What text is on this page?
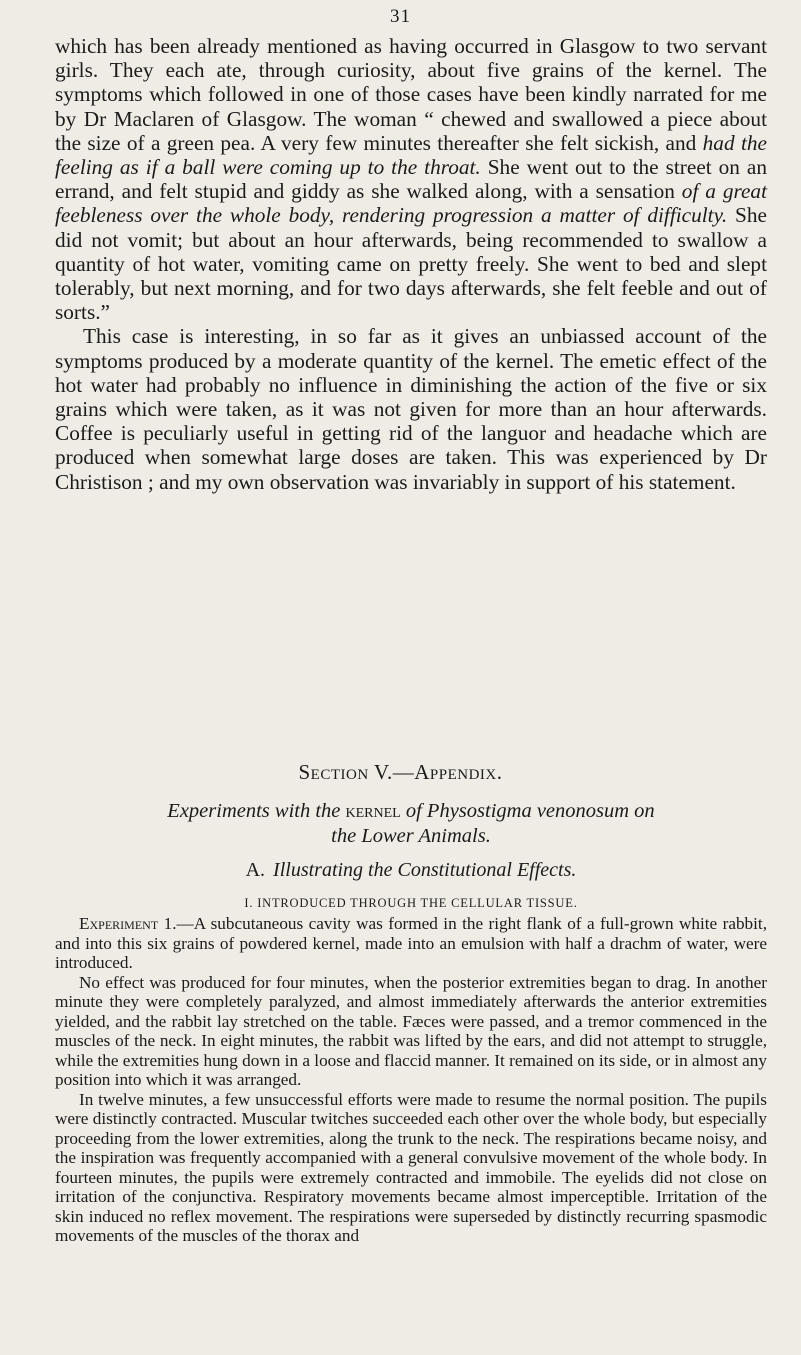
31

which has been already mentioned as having occurred in Glasgow to two servant girls. They each ate, through curiosity, about five grains of the kernel. The symptoms which followed in one of those cases have been kindly narrated for me by Dr Maclaren of Glasgow. The woman “ chewed and swallowed a piece about the size of a green pea. A very few minutes thereafter she felt sickish, and had the feeling as if a ball were coming up to the throat. She went out to the street on an errand, and felt stupid and giddy as she walked along, with a sensation of a great feebleness over the whole body, rendering progression a matter of difficulty. She did not vomit; but about an hour afterwards, being recommended to swallow a quantity of hot water, vomiting came on pretty freely. She went to bed and slept tolerably, but next morning, and for two days afterwards, she felt feeble and out of sorts.”

This case is interesting, in so far as it gives an unbiassed account of the symptoms produced by a moderate quantity of the kernel. The emetic effect of the hot water had probably no influence in diminishing the action of the five or six grains which were taken, as it was not given for more than an hour afterwards. Coffee is peculiarly useful in getting rid of the languor and headache which are produced when somewhat large doses are taken. This was experienced by Dr Christison ; and my own observation was invariably in support of his statement.

Section V.—Appendix.
Experiments with the kernel of Physostigma venonosum on
the Lower Animals.
A. Illustrating the Constitutional Effects.
I. INTRODUCED THROUGH THE CELLULAR TISSUE.

Experiment 1.—A subcutaneous cavity was formed in the right flank of a full-grown white rabbit, and into this six grains of powdered kernel, made into an emulsion with half a drachm of water, were introduced.

No effect was produced for four minutes, when the posterior extremities began to drag. In another minute they were completely paralyzed, and almost immediately afterwards the anterior extremities yielded, and the rabbit lay stretched on the table. Fæces were passed, and a tremor commenced in the muscles of the neck. In eight minutes, the rabbit was lifted by the ears, and did not attempt to struggle, while the extremities hung down in a loose and flaccid manner. It remained on its side, or in almost any position into which it was arranged.

In twelve minutes, a few unsuccessful efforts were made to resume the normal position. The pupils were distinctly contracted. Muscular twitches succeeded each other over the whole body, but especially proceeding from the lower extremities, along the trunk to the neck. The respirations became noisy, and the inspiration was frequently accompanied with a general convulsive movement of the whole body. In fourteen minutes, the pupils were extremely contracted and immobile. The eyelids did not close on irritation of the conjunctiva. Respiratory movements became almost imperceptible. Irritation of the skin induced no reflex movement. The respirations were superseded by distinctly recurring spasmodic movements of the muscles of the thorax and
